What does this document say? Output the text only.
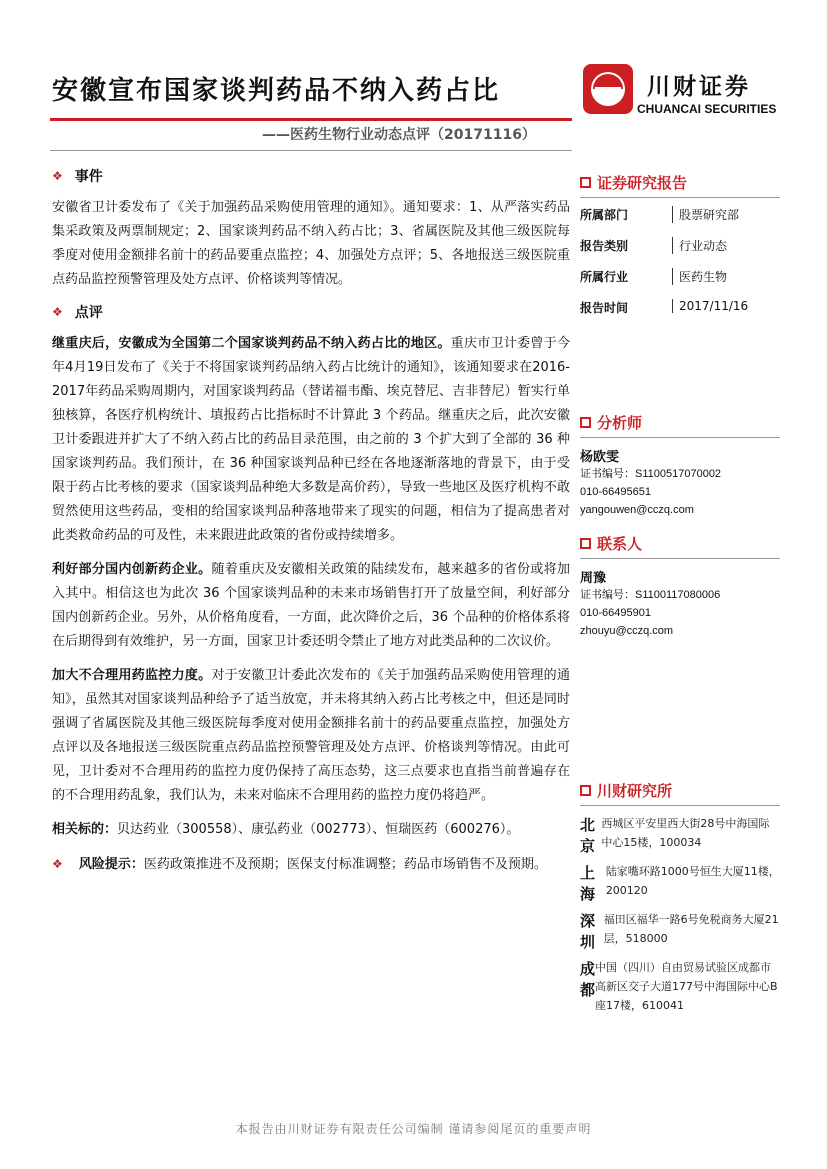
安徽宣布国家谈判药品不纳入药占比	川财证券
CHUANCAI SECURITIES
——医药生物行业动态点评（20171116）
❖ 事件

安徽省卫计委发布了《关于加强药品采购使用管理的通知》。通知要求：1、从严落实药品集采政策及两票制规定；2、国家谈判药品不纳入药占比；3、省属医院及其他三级医院每季度对使用金额排名前十的药品要重点监控；4、加强处方点评；5、各地报送三级医院重点药品监控预警管理及处方点评、价格谈判等情况。

❖ 点评

继重庆后，安徽成为全国第二个国家谈判药品不纳入药占比的地区。重庆市卫计委曾于今年4月19日发布了《关于不将国家谈判药品纳入药占比统计的通知》，该通知要求在2016-2017年药品采购周期内，对国家谈判药品（替诺福韦酯、埃克替尼、吉非替尼）暂实行单独核算，各医疗机构统计、填报药占比指标时不计算此 3 个药品。继重庆之后，此次安徽卫计委跟进并扩大了不纳入药占比的药品目录范围，由之前的 3 个扩大到了全部的 36 种国家谈判药品。我们预计，在 36 种国家谈判品种已经在各地逐渐落地的背景下，由于受限于药占比考核的要求（国家谈判品种绝大多数是高价药），导致一些地区及医疗机构不敢贸然使用这些药品，变相的给国家谈判品种落地带来了现实的问题，相信为了提高患者对此类救命药品的可及性，未来跟进此政策的省份或持续增多。

利好部分国内创新药企业。随着重庆及安徽相关政策的陆续发布，越来越多的省份或将加入其中。相信这也为此次 36 个国家谈判品种的未来市场销售打开了放量空间，利好部分国内创新药企业。另外，从价格角度看，一方面，此次降价之后，36 个品种的价格体系将在后期得到有效维护，另一方面，国家卫计委还明令禁止了地方对此类品种的二次议价。

加大不合理用药监控力度。对于安徽卫计委此次发布的《关于加强药品采购使用管理的通知》，虽然其对国家谈判品种给予了适当放宽，并未将其纳入药占比考核之中，但还是同时强调了省属医院及其他三级医院每季度对使用金额排名前十的药品要重点监控，加强处方点评以及各地报送三级医院重点药品监控预警管理及处方点评、价格谈判等情况。由此可见，卫计委对不合理用药的监控力度仍保持了高压态势，这三点要求也直指当前普遍存在的不合理用药乱象，我们认为，未来对临床不合理用药的监控力度仍将趋严。

相关标的：贝达药业（300558）、康弘药业（002773）、恒瑞医药（600276）。

❖ 风险提示：医药政策推进不及预期；医保支付标准调整；药品市场销售不及预期。

证券研究报告
所属部门	股票研究部
报告类别	行业动态
所属行业	医药生物
报告时间	2017/11/16
分析师
杨欧雯
证书编号：S1100517070002
010-66495651
yangouwen@cczq.com
联系人
周豫
证书编号：S1100117080006
010-66495901
zhouyu@cczq.com
川财研究所
北京
西城区平安里西大街28号中海国际中心15楼，100034
上海
陆家嘴环路1000号恒生大厦11楼，200120
深圳
福田区福华一路6号免税商务大厦21层，518000
成都
中国（四川）自由贸易试验区成都市高新区交子大道177号中海国际中心B座17楼，610041
本报告由川财证券有限责任公司编制 谨请参阅尾页的重要声明
